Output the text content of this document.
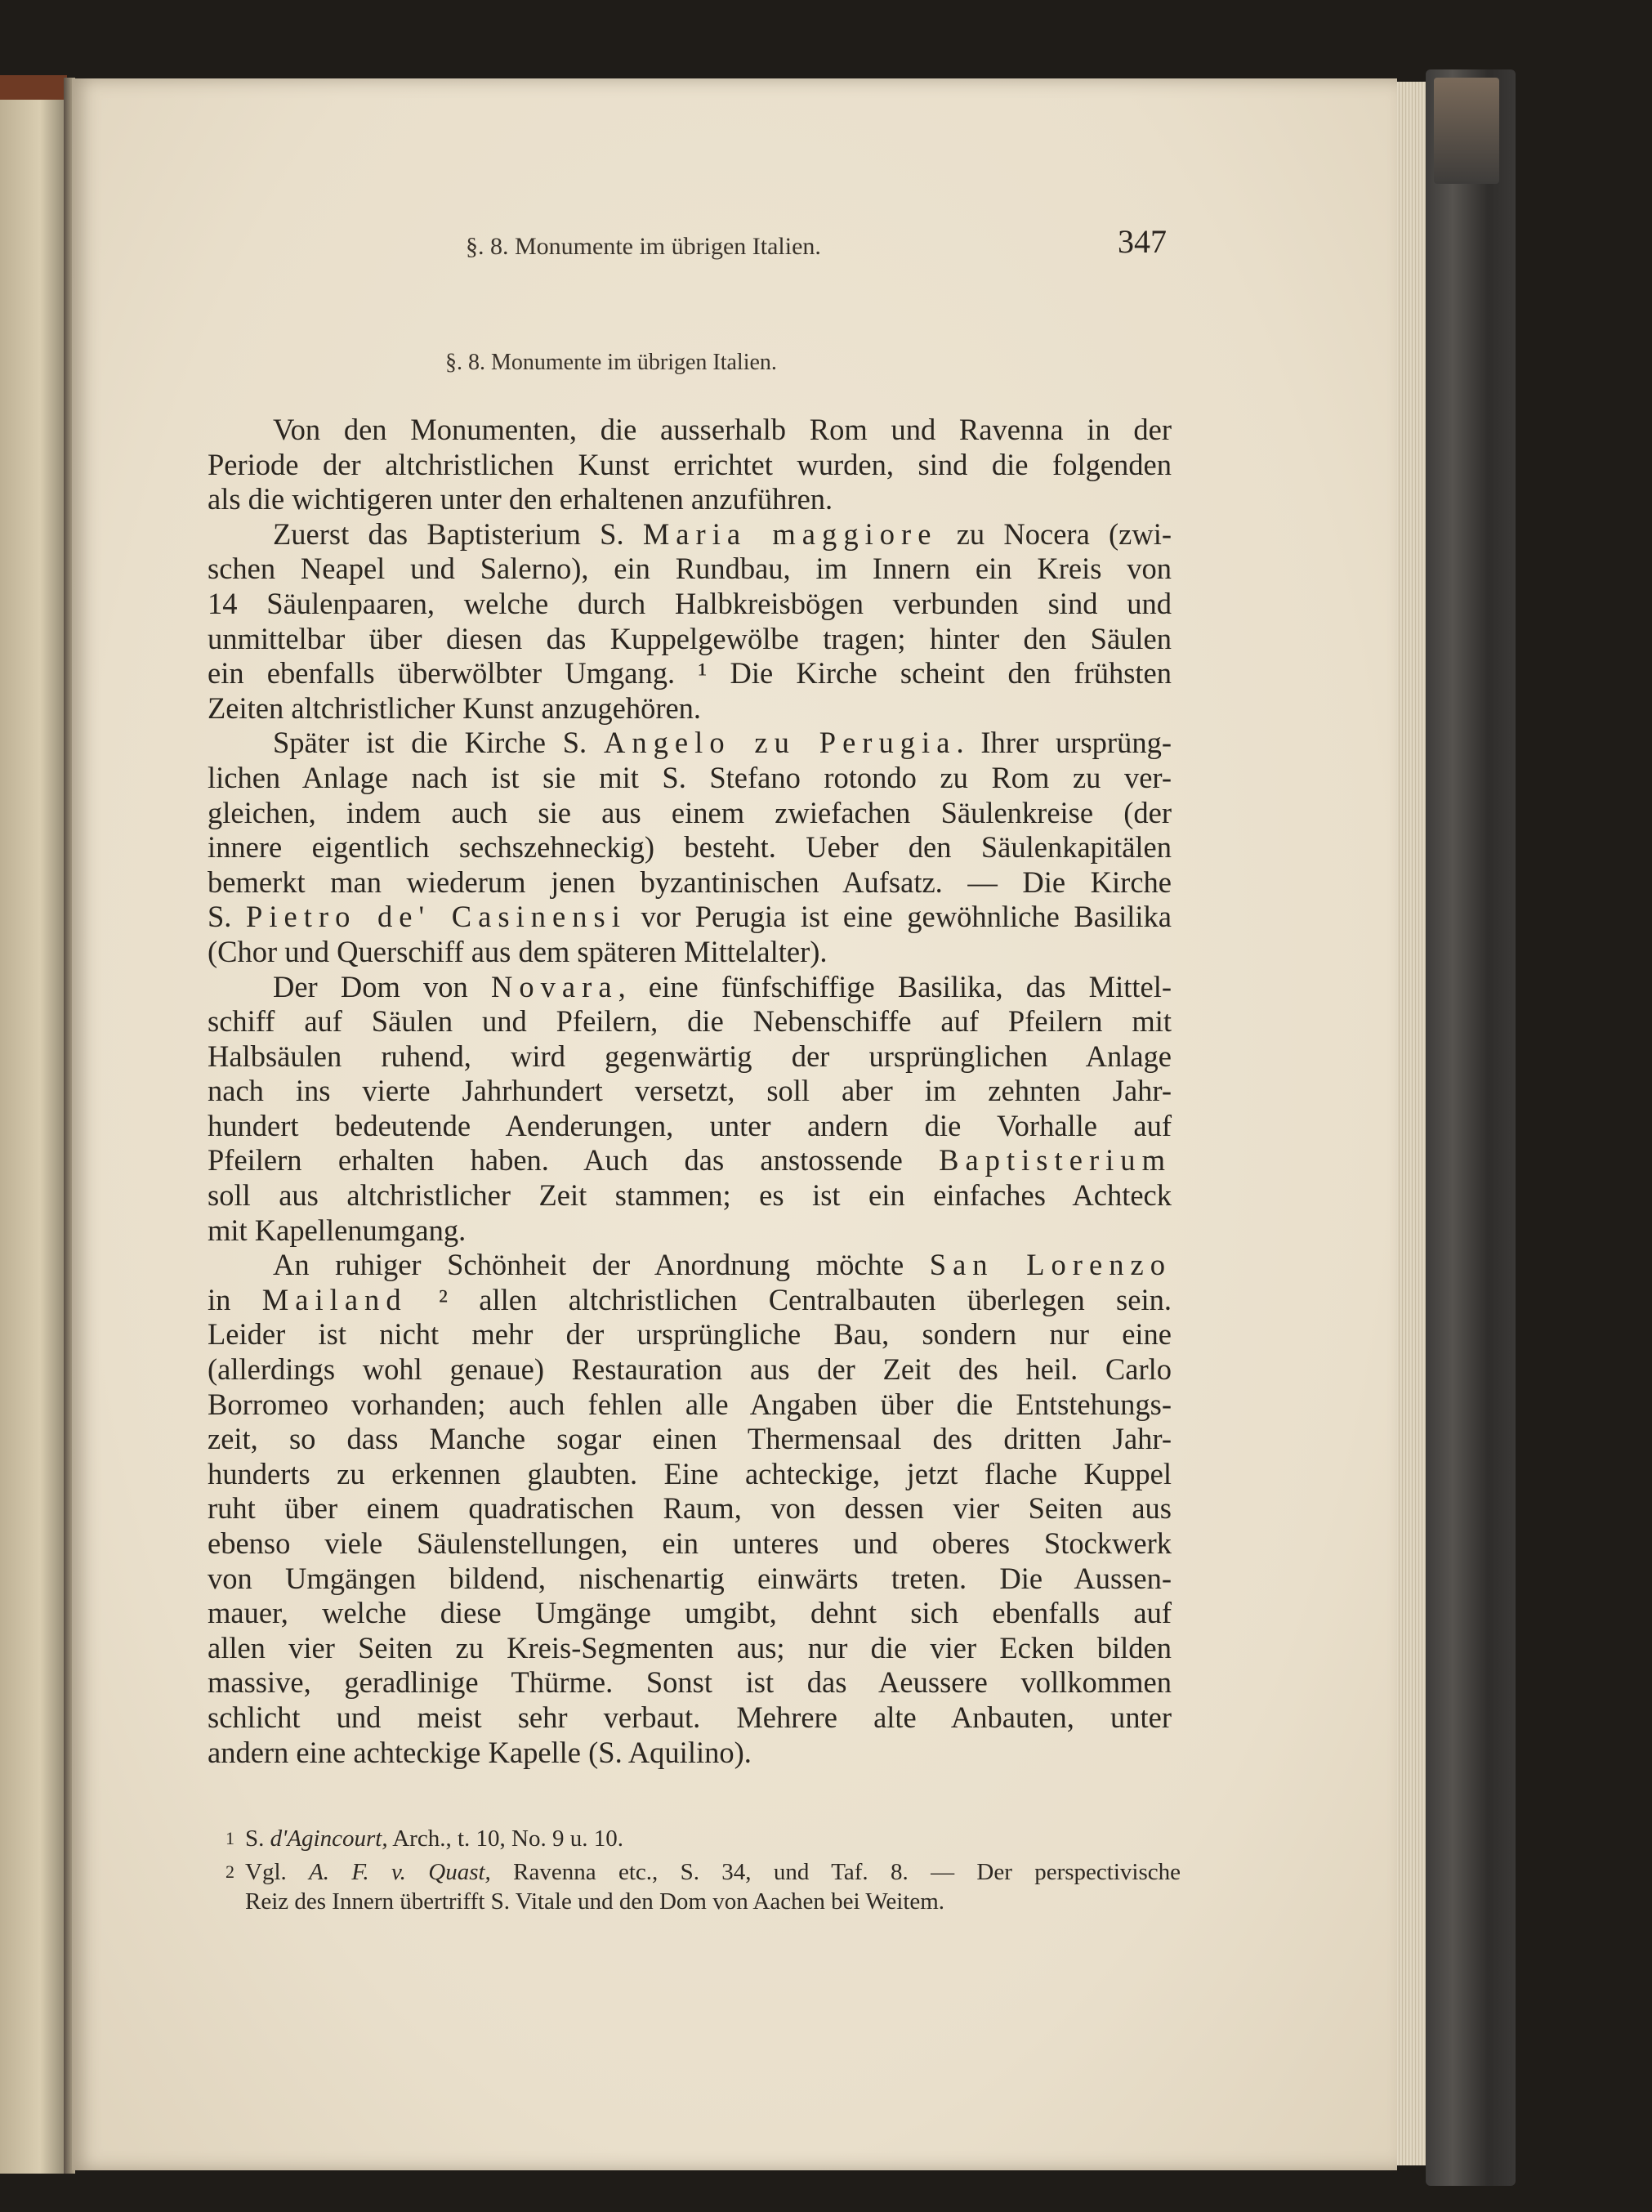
§. 8. Monumente im übrigen Italien.	347
§. 8. Monumente im übrigen Italien.
Von den Monumenten, die ausserhalb Rom und Ravenna in der
Periode der altchristlichen Kunst errichtet wurden, sind die folgenden
als die wichtigeren unter den erhaltenen anzuführen.
Zuerst das Baptisterium S. Maria maggiore zu Nocera (zwi-
schen Neapel und Salerno), ein Rundbau, im Innern ein Kreis von
14 Säulenpaaren, welche durch Halbkreisbögen verbunden sind und
unmittelbar über diesen das Kuppelgewölbe tragen; hinter den Säulen
ein ebenfalls überwölbter Umgang. ¹ Die Kirche scheint den frühsten
Zeiten altchristlicher Kunst anzugehören.
Später ist die Kirche S. Angelo zu Perugia. Ihrer ursprüng-
lichen Anlage nach ist sie mit S. Stefano rotondo zu Rom zu ver-
gleichen, indem auch sie aus einem zwiefachen Säulenkreise (der
innere eigentlich sechszehneckig) besteht. Ueber den Säulenkapitälen
bemerkt man wiederum jenen byzantinischen Aufsatz. — Die Kirche
S. Pietro de' Casinensi vor Perugia ist eine gewöhnliche Basilika
(Chor und Querschiff aus dem späteren Mittelalter).
Der Dom von Novara, eine fünfschiffige Basilika, das Mittel-
schiff auf Säulen und Pfeilern, die Nebenschiffe auf Pfeilern mit
Halbsäulen ruhend, wird gegenwärtig der ursprünglichen Anlage
nach ins vierte Jahrhundert versetzt, soll aber im zehnten Jahr-
hundert bedeutende Aenderungen, unter andern die Vorhalle auf
Pfeilern erhalten haben. Auch das anstossende Baptisterium
soll aus altchristlicher Zeit stammen; es ist ein einfaches Achteck
mit Kapellenumgang.
An ruhiger Schönheit der Anordnung möchte San Lorenzo
in Mailand ² allen altchristlichen Centralbauten überlegen sein.
Leider ist nicht mehr der ursprüngliche Bau, sondern nur eine
(allerdings wohl genaue) Restauration aus der Zeit des heil. Carlo
Borromeo vorhanden; auch fehlen alle Angaben über die Entstehungs-
zeit, so dass Manche sogar einen Thermensaal des dritten Jahr-
hunderts zu erkennen glaubten. Eine achteckige, jetzt flache Kuppel
ruht über einem quadratischen Raum, von dessen vier Seiten aus
ebenso viele Säulenstellungen, ein unteres und oberes Stockwerk
von Umgängen bildend, nischenartig einwärts treten. Die Aussen-
mauer, welche diese Umgänge umgibt, dehnt sich ebenfalls auf
allen vier Seiten zu Kreis-Segmenten aus; nur die vier Ecken bilden
massive, geradlinige Thürme. Sonst ist das Aeussere vollkommen
schlicht und meist sehr verbaut. Mehrere alte Anbauten, unter
andern eine achteckige Kapelle (S. Aquilino).
1 S. d'Agincourt, Arch., t. 10, No. 9 u. 10.
2 Vgl. A. F. v. Quast, Ravenna etc., S. 34, und Taf. 8. — Der perspectivische
Reiz des Innern übertrifft S. Vitale und den Dom von Aachen bei Weitem.
